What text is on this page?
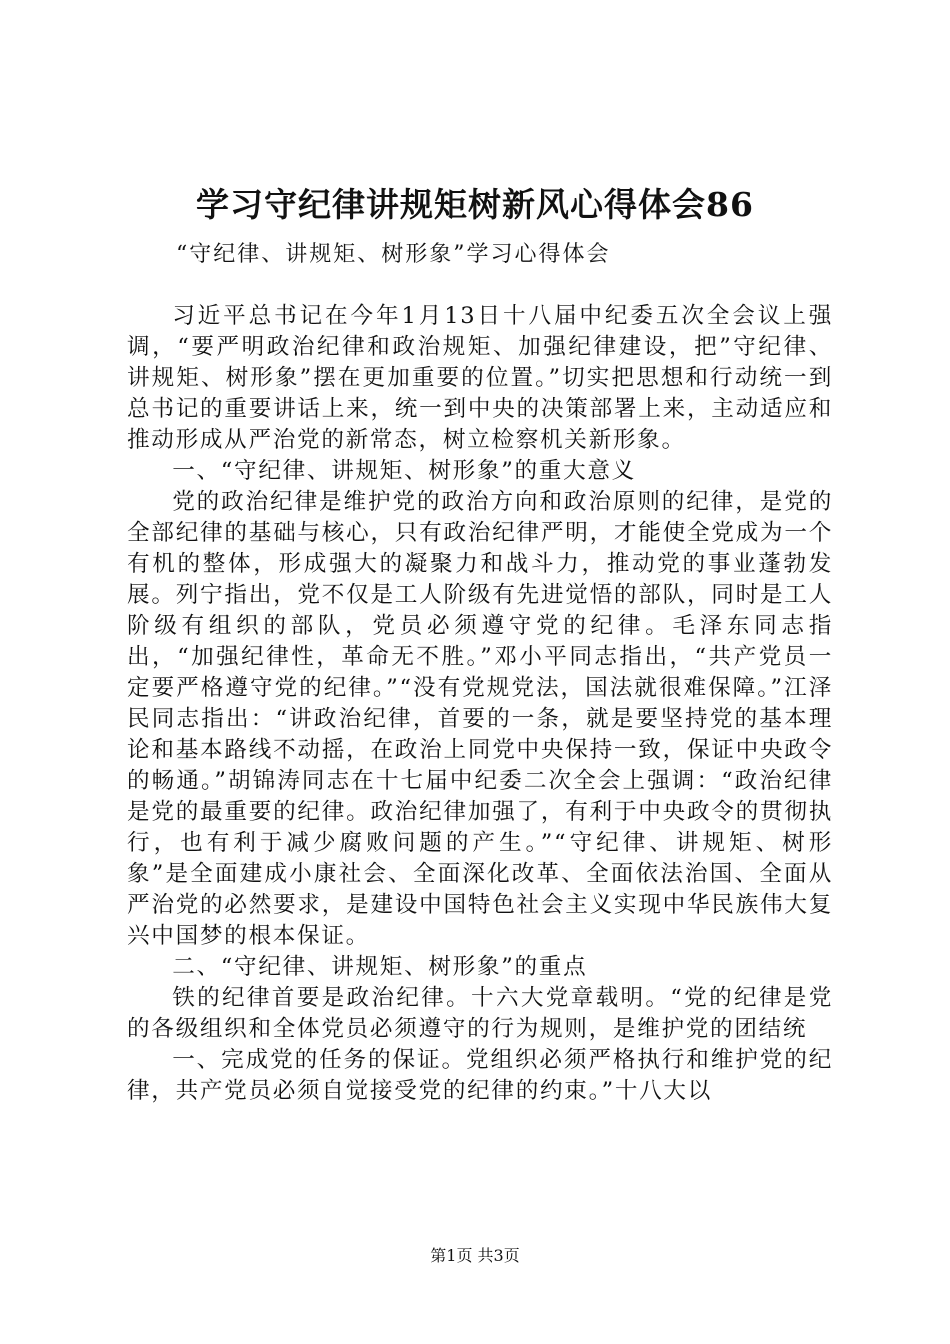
学习守纪律讲规矩树新风心得体会86
“守纪律、讲规矩、树形象”学习心得体会

习近平总书记在今年1月13日十八届中纪委五次全会议上强调，“要严明政治纪律和政治规矩、加强纪律建设，把”守纪律、讲规矩、树形象”摆在更加重要的位置。”切实把思想和行动统一到总书记的重要讲话上来，统一到中央的决策部署上来，主动适应和推动形成从严治党的新常态，树立检察机关新形象。

一、“守纪律、讲规矩、树形象”的重大意义

党的政治纪律是维护党的政治方向和政治原则的纪律，是党的全部纪律的基础与核心，只有政治纪律严明，才能使全党成为一个有机的整体，形成强大的凝聚力和战斗力，推动党的事业蓬勃发展。列宁指出，党不仅是工人阶级有先进觉悟的部队，同时是工人阶级有组织的部队，党员必须遵守党的纪律。毛泽东同志指出，“加强纪律性，革命无不胜。”邓小平同志指出，“共产党员一定要严格遵守党的纪律。”“没有党规党法，国法就很难保障。”江泽民同志指出：“讲政治纪律，首要的一条，就是要坚持党的基本理论和基本路线不动摇，在政治上同党中央保持一致，保证中央政令的畅通。”胡锦涛同志在十七届中纪委二次全会上强调：“政治纪律是党的最重要的纪律。政治纪律加强了，有利于中央政令的贯彻执行，也有利于减少腐败问题的产生。”“守纪律、讲规矩、树形象”是全面建成小康社会、全面深化改革、全面依法治国、全面从严治党的必然要求，是建设中国特色社会主义实现中华民族伟大复兴中国梦的根本保证。

二、“守纪律、讲规矩、树形象”的重点

铁的纪律首要是政治纪律。十六大党章载明。“党的纪律是党的各级组织和全体党员必须遵守的行为规则，是维护党的团结统

一、完成党的任务的保证。党组织必须严格执行和维护党的纪律，共产党员必须自觉接受党的纪律的约束。”十八大以

第1页 共3页
